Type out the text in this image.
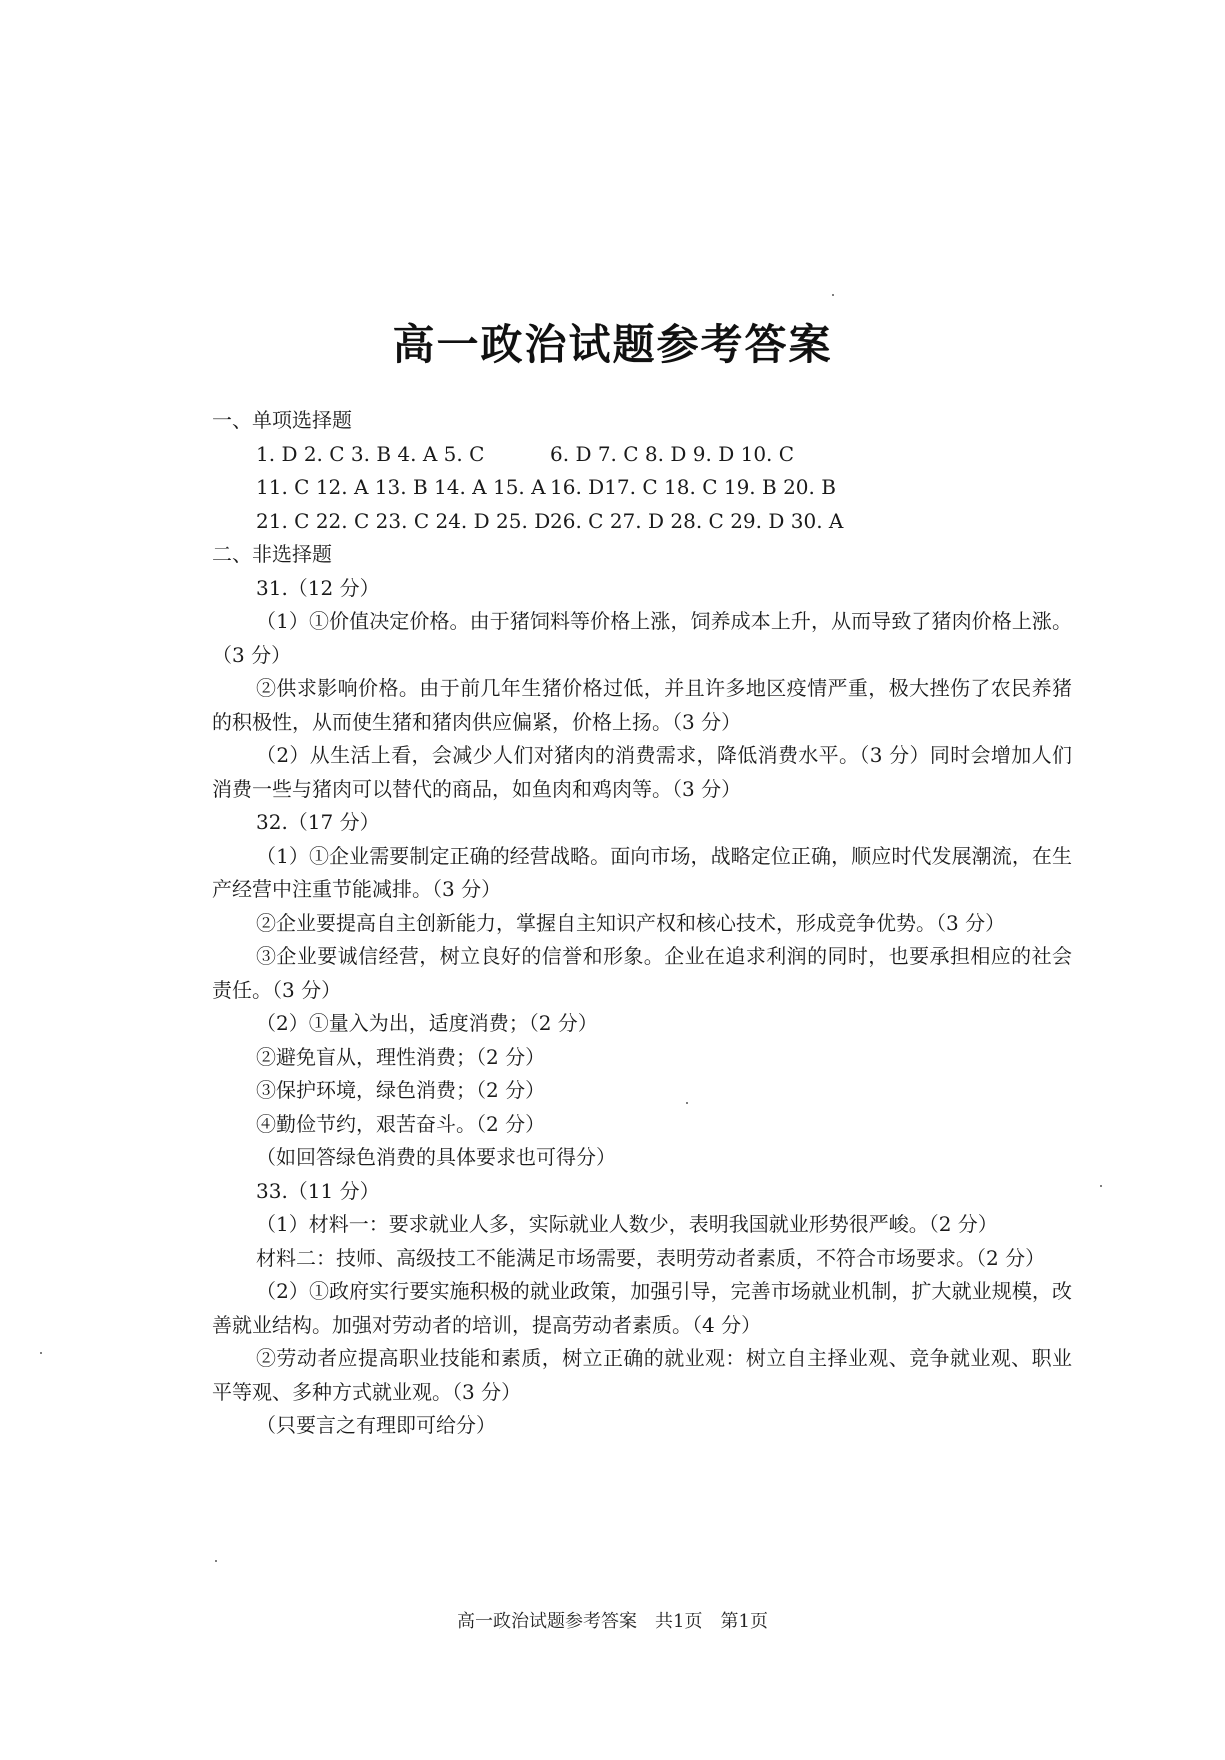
高一政治试题参考答案
一、单项选择题
1. D 2. C 3. B 4. A 5. C	6. D 7. C 8. D 9. D 10. C
11. C 12. A 13. B 14. A 15. A 16. D17. C 18. C 19. B 20. B
21. C 22. C 23. C 24. D 25. D 26. C 27. D 28. C 29. D 30. A
二、非选择题
31.（12 分）

（1）①价值决定价格。由于猪饲料等价格上涨，饲养成本上升，从而导致了猪肉价格上涨。（3 分）

②供求影响价格。由于前几年生猪价格过低，并且许多地区疫情严重，极大挫伤了农民养猪的积极性，从而使生猪和猪肉供应偏紧，价格上扬。（3 分）

（2）从生活上看，会减少人们对猪肉的消费需求，降低消费水平。（3 分）同时会增加人们消费一些与猪肉可以替代的商品，如鱼肉和鸡肉等。（3 分）

32.（17 分）

（1）①企业需要制定正确的经营战略。面向市场，战略定位正确，顺应时代发展潮流，在生产经营中注重节能减排。（3 分）

②企业要提高自主创新能力，掌握自主知识产权和核心技术，形成竞争优势。（3 分）

③企业要诚信经营，树立良好的信誉和形象。企业在追求利润的同时，也要承担相应的社会责任。（3 分）

（2）①量入为出，适度消费；（2 分）

②避免盲从，理性消费；（2 分）

③保护环境，绿色消费；（2 分）

④勤俭节约，艰苦奋斗。（2 分）

（如回答绿色消费的具体要求也可得分）

33.（11 分）

（1）材料一：要求就业人多，实际就业人数少，表明我国就业形势很严峻。（2 分）

材料二：技师、高级技工不能满足市场需要，表明劳动者素质，不符合市场要求。（2 分）

（2）①政府实行要实施积极的就业政策，加强引导，完善市场就业机制，扩大就业规模，改善就业结构。加强对劳动者的培训，提高劳动者素质。（4 分）

②劳动者应提高职业技能和素质，树立正确的就业观：树立自主择业观、竞争就业观、职业平等观、多种方式就业观。（3 分）

（只要言之有理即可给分）

高一政治试题参考答案　共1页　第1页
